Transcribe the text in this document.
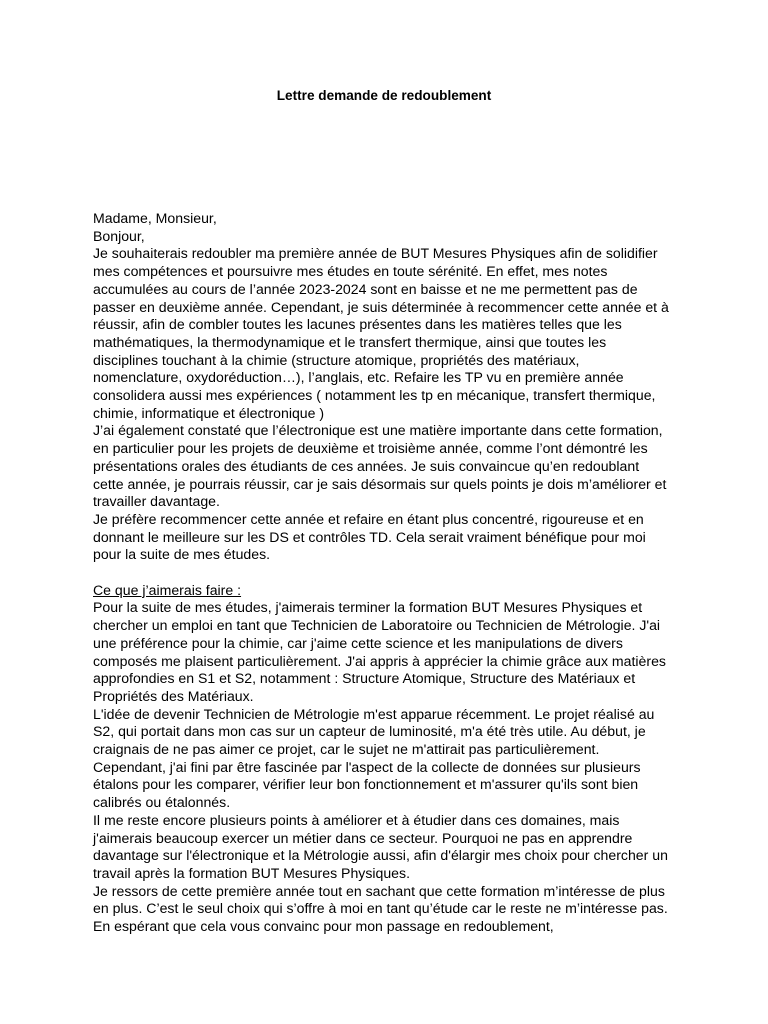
Lettre demande de redoublement
Madame, Monsieur,
Bonjour,
Je souhaiterais redoubler ma première année de BUT Mesures Physiques afin de solidifier
mes compétences et poursuivre mes études en toute sérénité. En effet, mes notes
accumulées au cours de l’année 2023-2024 sont en baisse et ne me permettent pas de
passer en deuxième année. Cependant, je suis déterminée à recommencer cette année et à
réussir, afin de combler toutes les lacunes présentes dans les matières telles que les
mathématiques, la thermodynamique et le transfert thermique, ainsi que toutes les
disciplines touchant à la chimie (structure atomique, propriétés des matériaux,
nomenclature, oxydoréduction…), l’anglais, etc. Refaire les TP vu en première année
consolidera aussi mes expériences ( notamment les tp en mécanique, transfert thermique,
chimie, informatique et électronique )
J’ai également constaté que l’électronique est une matière importante dans cette formation,
en particulier pour les projets de deuxième et troisième année, comme l’ont démontré les
présentations orales des étudiants de ces années. Je suis convaincue qu’en redoublant
cette année, je pourrais réussir, car je sais désormais sur quels points je dois m’améliorer et
travailler davantage.
Je préfère recommencer cette année et refaire en étant plus concentré, rigoureuse et en
donnant le meilleure sur les DS et contrôles TD. Cela serait vraiment bénéfique pour moi
pour la suite de mes études.
Ce que j’aimerais faire :
Pour la suite de mes études, j'aimerais terminer la formation BUT Mesures Physiques et
chercher un emploi en tant que Technicien de Laboratoire ou Technicien de Métrologie. J'ai
une préférence pour la chimie, car j'aime cette science et les manipulations de divers
composés me plaisent particulièrement. J'ai appris à apprécier la chimie grâce aux matières
approfondies en S1 et S2, notamment : Structure Atomique, Structure des Matériaux et
Propriétés des Matériaux.
L'idée de devenir Technicien de Métrologie m'est apparue récemment. Le projet réalisé au
S2, qui portait dans mon cas sur un capteur de luminosité, m'a été très utile. Au début, je
craignais de ne pas aimer ce projet, car le sujet ne m'attirait pas particulièrement.
Cependant, j'ai fini par être fascinée par l'aspect de la collecte de données sur plusieurs
étalons pour les comparer, vérifier leur bon fonctionnement et m'assurer qu'ils sont bien
calibrés ou étalonnés.
Il me reste encore plusieurs points à améliorer et à étudier dans ces domaines, mais
j'aimerais beaucoup exercer un métier dans ce secteur. Pourquoi ne pas en apprendre
davantage sur l'électronique et la Métrologie aussi, afin d'élargir mes choix pour chercher un
travail après la formation BUT Mesures Physiques.
Je ressors de cette première année tout en sachant que cette formation m’intéresse de plus
en plus. C’est le seul choix qui s’offre à moi en tant qu’étude car le reste ne m’intéresse pas.
En espérant que cela vous convainc pour mon passage en redoublement,
